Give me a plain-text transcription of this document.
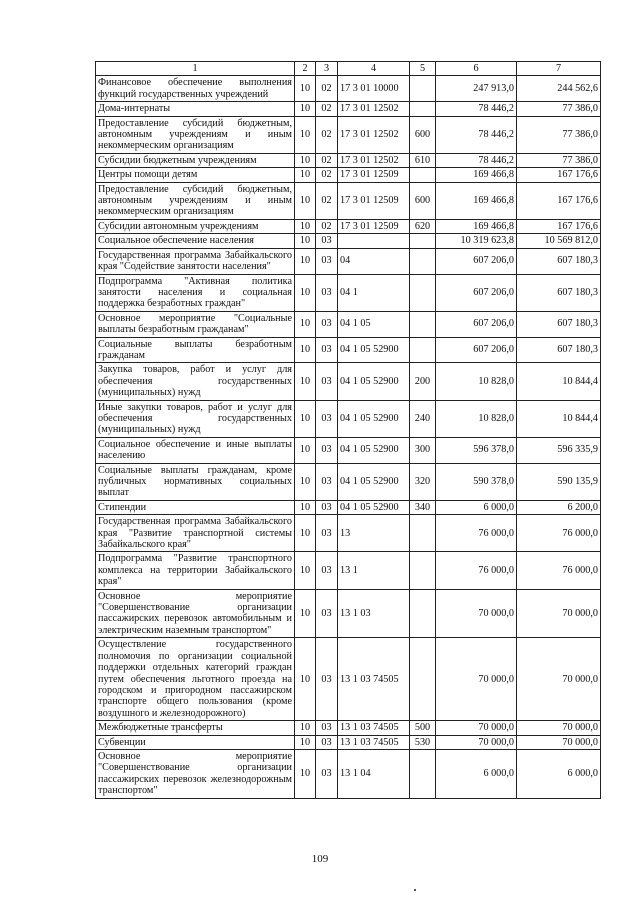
1	2	3	4	5	6	7
Финансовое обеспечение выполнения функций государственных учреждений	10	02	17 3 01 10000		247 913,0	244 562,6
Дома-интернаты	10	02	17 3 01 12502		78 446,2	77 386,0
Предоставление субсидий бюджетным, автономным учреждениям и иным некоммерческим организациям	10	02	17 3 01 12502	600	78 446,2	77 386,0
Субсидии бюджетным учреждениям	10	02	17 3 01 12502	610	78 446,2	77 386,0
Центры помощи детям	10	02	17 3 01 12509		169 466,8	167 176,6
Предоставление субсидий бюджетным, автономным учреждениям и иным некоммерческим организациям	10	02	17 3 01 12509	600	169 466,8	167 176,6
Субсидии автономным учреждениям	10	02	17 3 01 12509	620	169 466,8	167 176,6
Социальное обеспечение населения	10	03			10 319 623,8	10 569 812,0
Государственная программа Забайкальского края "Содействие занятости населения"	10	03	04		607 206,0	607 180,3
Подпрограмма "Активная политика занятости населения и социальная поддержка безработных граждан"	10	03	04 1		607 206,0	607 180,3
Основное мероприятие "Социальные выплаты безработным гражданам"	10	03	04 1 05		607 206,0	607 180,3
Социальные выплаты безработным гражданам	10	03	04 1 05 52900		607 206,0	607 180,3
Закупка товаров, работ и услуг для обеспечения государственных (муниципальных) нужд	10	03	04 1 05 52900	200	10 828,0	10 844,4
Иные закупки товаров, работ и услуг для обеспечения государственных (муниципальных) нужд	10	03	04 1 05 52900	240	10 828,0	10 844,4
Социальное обеспечение и иные выплаты населению	10	03	04 1 05 52900	300	596 378,0	596 335,9
Социальные выплаты гражданам, кроме публичных нормативных социальных выплат	10	03	04 1 05 52900	320	590 378,0	590 135,9
Стипендии	10	03	04 1 05 52900	340	6 000,0	6 200,0
Государственная программа Забайкальского края "Развитие транспортной системы Забайкальского края"	10	03	13		76 000,0	76 000,0
Подпрограмма "Развитие транспортного комплекса на территории Забайкальского края"	10	03	13 1		76 000,0	76 000,0
Основное мероприятие "Совершенствование организации пассажирских перевозок автомобильным и электрическим наземным транспортом"	10	03	13 1 03		70 000,0	70 000,0
Осуществление государственного полномочия по организации социальной поддержки отдельных категорий граждан путем обеспечения льготного проезда на городском и пригородном пассажирском транспорте общего пользования (кроме воздушного и железнодорожного)	10	03	13 1 03 74505		70 000,0	70 000,0
Межбюджетные трансферты	10	03	13 1 03 74505	500	70 000,0	70 000,0
Субвенции	10	03	13 1 03 74505	530	70 000,0	70 000,0
Основное мероприятие "Совершенствование организации пассажирских перевозок железнодорожным транспортом"	10	03	13 1 04		6 000,0	6 000,0
109
